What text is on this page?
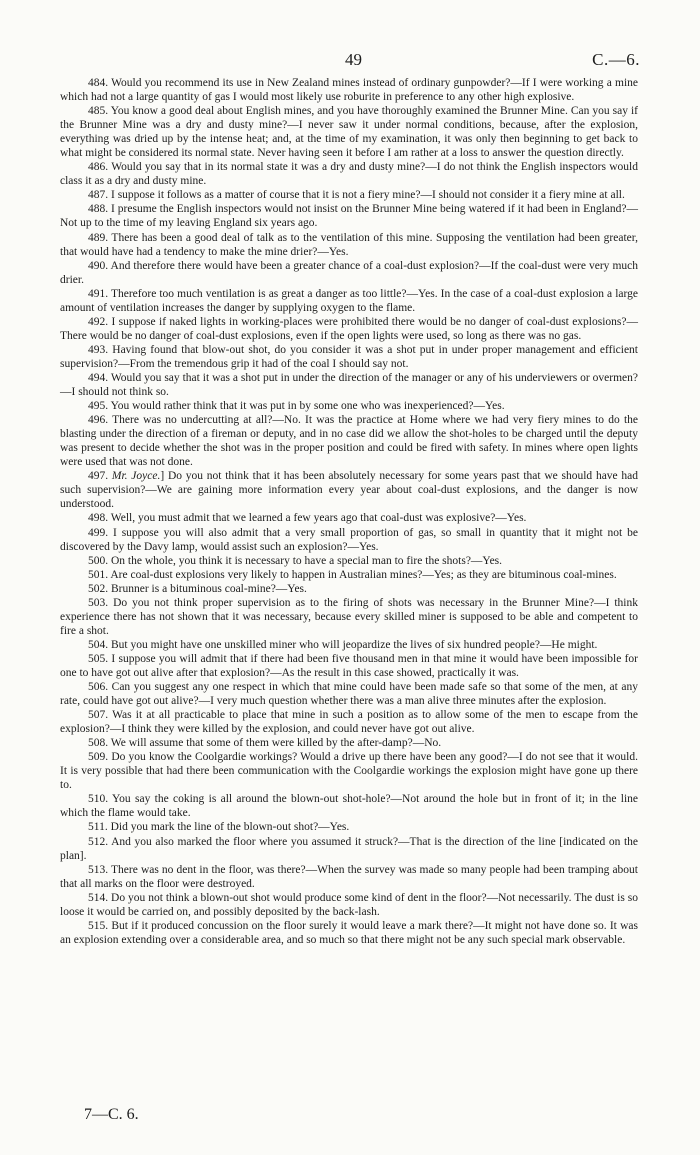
49	C.—6.

484. Would you recommend its use in New Zealand mines instead of ordinary gunpowder?—If I were working a mine which had not a large quantity of gas I would most likely use roburite in preference to any other high explosive.

485. You know a good deal about English mines, and you have thoroughly examined the Brunner Mine. Can you say if the Brunner Mine was a dry and dusty mine?—I never saw it under normal conditions, because, after the explosion, everything was dried up by the intense heat; and, at the time of my examination, it was only then beginning to get back to what might be considered its normal state. Never having seen it before I am rather at a loss to answer the question directly.

486. Would you say that in its normal state it was a dry and dusty mine?—I do not think the English inspectors would class it as a dry and dusty mine.

487. I suppose it follows as a matter of course that it is not a fiery mine?—I should not consider it a fiery mine at all.

488. I presume the English inspectors would not insist on the Brunner Mine being watered if it had been in England?—Not up to the time of my leaving England six years ago.

489. There has been a good deal of talk as to the ventilation of this mine. Supposing the ventilation had been greater, that would have had a tendency to make the mine drier?—Yes.

490. And therefore there would have been a greater chance of a coal-dust explosion?—If the coal-dust were very much drier.

491. Therefore too much ventilation is as great a danger as too little?—Yes. In the case of a coal-dust explosion a large amount of ventilation increases the danger by supplying oxygen to the flame.

492. I suppose if naked lights in working-places were prohibited there would be no danger of coal-dust explosions?—There would be no danger of coal-dust explosions, even if the open lights were used, so long as there was no gas.

493. Having found that blow-out shot, do you consider it was a shot put in under proper management and efficient supervision?—From the tremendous grip it had of the coal I should say not.

494. Would you say that it was a shot put in under the direction of the manager or any of his underviewers or overmen?—I should not think so.

495. You would rather think that it was put in by some one who was inexperienced?—Yes.

496. There was no undercutting at all?—No. It was the practice at Home where we had very fiery mines to do the blasting under the direction of a fireman or deputy, and in no case did we allow the shot-holes to be charged until the deputy was present to decide whether the shot was in the proper position and could be fired with safety. In mines where open lights were used that was not done.

497. Mr. Joyce.] Do you not think that it has been absolutely necessary for some years past that we should have had such supervision?—We are gaining more information every year about coal-dust explosions, and the danger is now understood.

498. Well, you must admit that we learned a few years ago that coal-dust was explosive?—Yes.

499. I suppose you will also admit that a very small proportion of gas, so small in quantity that it might not be discovered by the Davy lamp, would assist such an explosion?—Yes.

500. On the whole, you think it is necessary to have a special man to fire the shots?—Yes.

501. Are coal-dust explosions very likely to happen in Australian mines?—Yes; as they are bituminous coal-mines.

502. Brunner is a bituminous coal-mine?—Yes.

503. Do you not think proper supervision as to the firing of shots was necessary in the Brunner Mine?—I think experience there has not shown that it was necessary, because every skilled miner is supposed to be able and competent to fire a shot.

504. But you might have one unskilled miner who will jeopardize the lives of six hundred people?—He might.

505. I suppose you will admit that if there had been five thousand men in that mine it would have been impossible for one to have got out alive after that explosion?—As the result in this case showed, practically it was.

506. Can you suggest any one respect in which that mine could have been made safe so that some of the men, at any rate, could have got out alive?—I very much question whether there was a man alive three minutes after the explosion.

507. Was it at all practicable to place that mine in such a position as to allow some of the men to escape from the explosion?—I think they were killed by the explosion, and could never have got out alive.

508. We will assume that some of them were killed by the after-damp?—No.

509. Do you know the Coolgardie workings? Would a drive up there have been any good?—I do not see that it would. It is very possible that had there been communication with the Coolgardie workings the explosion might have gone up there to.

510. You say the coking is all around the blown-out shot-hole?—Not around the hole but in front of it; in the line which the flame would take.

511. Did you mark the line of the blown-out shot?—Yes.

512. And you also marked the floor where you assumed it struck?—That is the direction of the line [indicated on the plan].

513. There was no dent in the floor, was there?—When the survey was made so many people had been tramping about that all marks on the floor were destroyed.

514. Do you not think a blown-out shot would produce some kind of dent in the floor?—Not necessarily. The dust is so loose it would be carried on, and possibly deposited by the back-lash.

515. But if it produced concussion on the floor surely it would leave a mark there?—It might not have done so. It was an explosion extending over a considerable area, and so much so that there might not be any such special mark observable.

7—C. 6.
